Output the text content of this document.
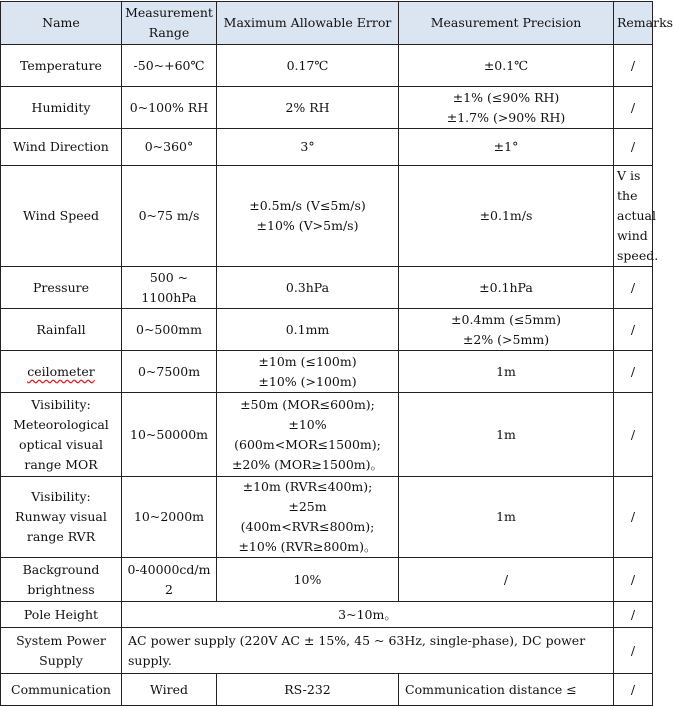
Name	Measurement
Range	Maximum Allowable Error	Measurement Precision	Remarks
Temperature	-50~+60℃	0.17℃	±0.1℃	/
Humidity	0~100% RH	2% RH	±1% (≤90% RH)
±1.7% (>90% RH)	/
Wind Direction	0~360°	3°	±1°	/
Wind Speed	0~75 m/s	±0.5m/s (V≤5m/s)
±10% (V>5m/s)	±0.1m/s	V is the
actual
wind
speed.
Pressure	500 ~
1100hPa	0.3hPa	±0.1hPa	/
Rainfall	0~500mm	0.1mm	±0.4mm (≤5mm)
±2% (>5mm)	/
ceilometer	0~7500m	±10m (≤100m)
±10% (>100m)	1m	/
Visibility:
Meteorological
optical visual
range MOR	10~50000m	±50m (MOR≤600m);
±10% (600m<MOR≤1500m);
±20% (MOR≥1500m)。	1m	/
Visibility:
Runway visual
range RVR	10~2000m	±10m (RVR≤400m);
±25m (400m<RVR≤800m);
±10% (RVR≥800m)。	1m	/
Background
brightness	0-40000cd/m
2	10%	/	/
Pole Height	3~10m。			/
System Power
Supply	AC power supply (220V AC ± 15%, 45 ~ 63Hz, single-phase), DC power supply.			/
Communication	Wired	RS-232	Communication distance ≤	/
